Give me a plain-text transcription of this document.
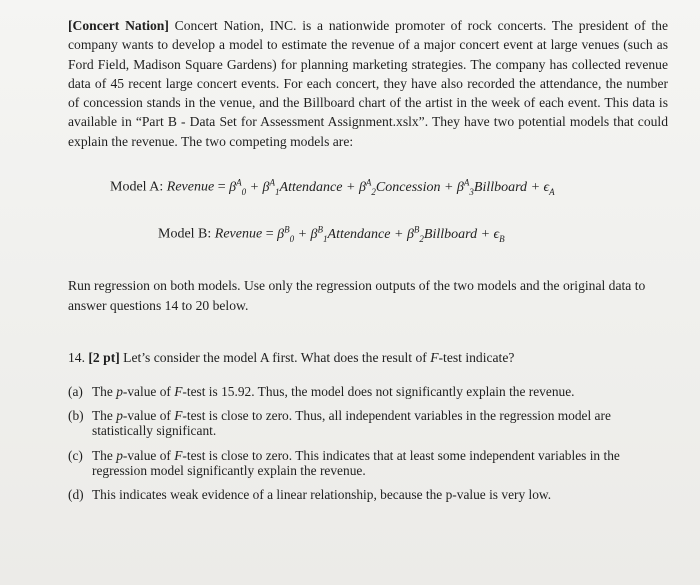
[Concert Nation] Concert Nation, INC. is a nationwide promoter of rock concerts. The president of the company wants to develop a model to estimate the revenue of a major concert event at large venues (such as Ford Field, Madison Square Gardens) for planning marketing strategies. The company has collected revenue data of 45 recent large concert events. For each concert, they have also recorded the attendance, the number of concession stands in the venue, and the Billboard chart of the artist in the week of each event. This data is available in “Part B - Data Set for Assessment Assignment.xslx”. They have two potential models that could explain the revenue. The two competing models are:
Model A: Revenue = $\beta^A_0$ + $\beta^A_1Attendance$ + $\beta^A_2Concession$ + $\beta^A_3Billboard + \epsilon_A$
Model B: Revenue = $\beta^B_0$ + $\beta^B_1Attendance$ + $\beta^B_2Billboard + \epsilon_B$
Run regression on both models. Use only the regression outputs of the two models and the original data to answer questions 14 to 20 below.
14. [2 pt] Let’s consider the model A first. What does the result of F-test indicate?
(a) The p-value of F-test is 15.92. Thus, the model does not significantly explain the revenue.
(b) The p-value of F-test is close to zero. Thus, all independent variables in the regression model are statistically significant.
(c) The p-value of F-test is close to zero. This indicates that at least some independent variables in the regression model significantly explain the revenue.
(d) This indicates weak evidence of a linear relationship, because the p-value is very low.
